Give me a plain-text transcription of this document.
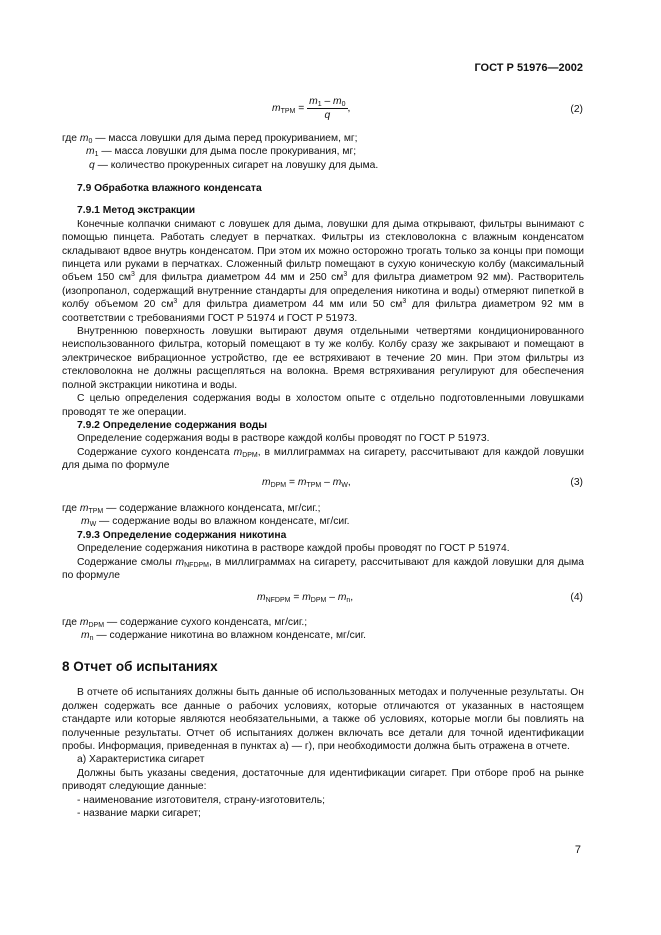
ГОСТ Р 51976—2002
$m_{TPM} = \frac{m_1 - m_0}{q}$ ,	(2)
где $m_0$ — масса ловушки для дыма перед прокуриванием, мг;
$m_1$ — масса ловушки для дыма после прокуривания, мг;
q — количество прокуренных сигарет на ловушку для дыма.

7.9 Обработка влажного конденсата

7.9.1 Метод экстракции

Конечные колпачки снимают с ловушек для дыма, ловушки для дыма открывают, фильтры вынимают с помощью пинцета. Работать следует в перчатках. Фильтры из стекловолокна с влажным конденсатом складывают вдвое внутрь конденсатом. При этом их можно осторожно трогать только за концы при помощи пинцета или руками в перчатках. Сложенный фильтр помещают в сухую коническую колбу (максимальный объем 150 $см^3$ для фильтра диаметром 44 мм и 250 $см^3$ для фильтра диаметром 92 мм). Растворитель (изопропанол, содержащий внутренние стандарты для определения никотина и воды) отмеряют пипеткой в колбу объемом 20 $см^3$ для фильтра диаметром 44 мм или 50 $см^3$ для фильтра диаметром 92 мм в соответствии с требованиями ГОСТ Р 51974 и ГОСТ Р 51973.

Внутреннюю поверхность ловушки вытирают двумя отдельными четвертями кондиционированного неиспользованного фильтра, который помещают в ту же колбу. Колбу сразу же закрывают и помещают в электрическое вибрационное устройство, где ее встряхивают в течение 20 мин. При этом фильтры из стекловолокна не должны расщепляться на волокна. Время встряхивания регулируют для обеспечения полной экстракции никотина и воды.

С целью определения содержания воды в холостом опыте с отдельно подготовленными ловушками проводят те же операции.

7.9.2 Определение содержания воды

Определение содержания воды в растворе каждой колбы проводят по ГОСТ Р 51973.

Содержание сухого конденсата $m_{DPM}$, в миллиграммах на сигарету, рассчитывают для каждой ловушки для дыма по формуле

$m_{DPM} = m_{TPM} - m_W$,	(3)
где $m_{TPM}$ — содержание влажного конденсата, мг/сиг.;
$m_W$ — содержание воды во влажном конденсате, мг/сиг.

7.9.3 Определение содержания никотина

Определение содержания никотина в растворе каждой пробы проводят по ГОСТ Р 51974.

Содержание смолы $m_{NFDPM}$, в миллиграммах на сигарету, рассчитывают для каждой ловушки для дыма по формуле

$m_{NFDPM} = m_{DPM} - m_n$,	(4)
где $m_{DPM}$ — содержание сухого конденсата, мг/сиг.;
$m_n$ — содержание никотина во влажном конденсате, мг/сиг.

8 Отчет об испытаниях

В отчете об испытаниях должны быть данные об использованных методах и полученные результаты. Он должен содержать все данные о рабочих условиях, которые отличаются от указанных в настоящем стандарте или которые являются необязательными, а также об условиях, которые могли бы повлиять на полученные результаты. Отчет об испытаниях должен включать все детали для точной идентификации пробы. Информация, приведенная в пунктах а) — г), при необходимости должна быть отражена в отчете.

а) Характеристика сигарет

Должны быть указаны сведения, достаточные для идентификации сигарет. При отборе проб на рынке приводят следующие данные:

- наименование изготовителя, страну-изготовитель;

- название марки сигарет;

7
